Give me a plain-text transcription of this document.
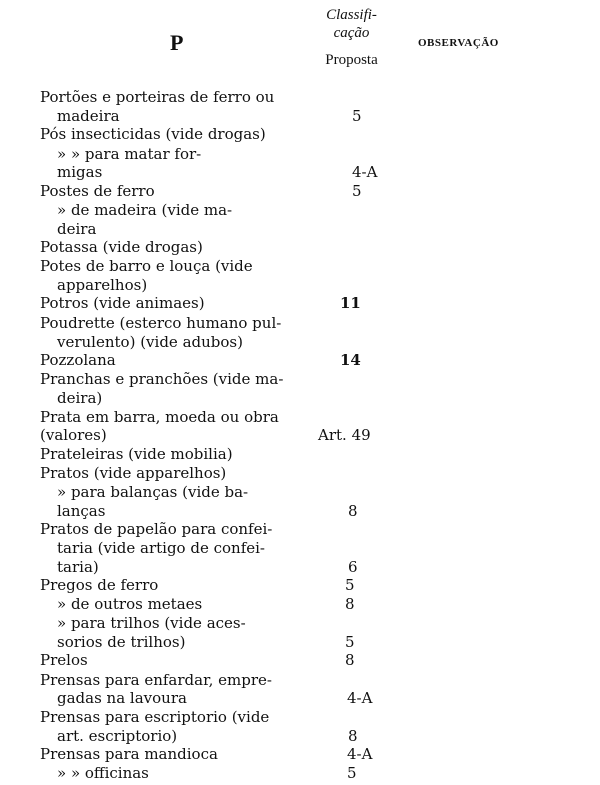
P
Classifi-
cação
Proposta
OBSERVAÇÃO
Portões e porteiras de ferro ou
madeira	5
Pós insecticidas (vide drogas)
» » para matar for-
migas	4-A
Postes de ferro	5
» de madeira (vide ma-
deira
Potassa (vide drogas)
Potes de barro e louça (vide
apparelhos)
Potros (vide animaes)	11
Poudrette (esterco humano pul-
verulento) (vide adubos)
Pozzolana	14
Pranchas e pranchões (vide ma-
deira)
Prata em barra, moeda ou obra
(valores)	Art. 49
Prateleiras (vide mobilia)
Pratos (vide apparelhos)
» para balanças (vide ba-
lanças	8
Pratos de papelão para confei-
taria (vide artigo de confei-
taria)	6
Pregos de ferro	5
» de outros metaes	8
» para trilhos (vide aces-
sorios de trilhos)	5
Prelos	8
Prensas para enfardar, empre-
gadas na lavoura	4-A
Prensas para escriptorio (vide
art. escriptorio)	8
Prensas para mandioca	4-A
» » officinas	5
